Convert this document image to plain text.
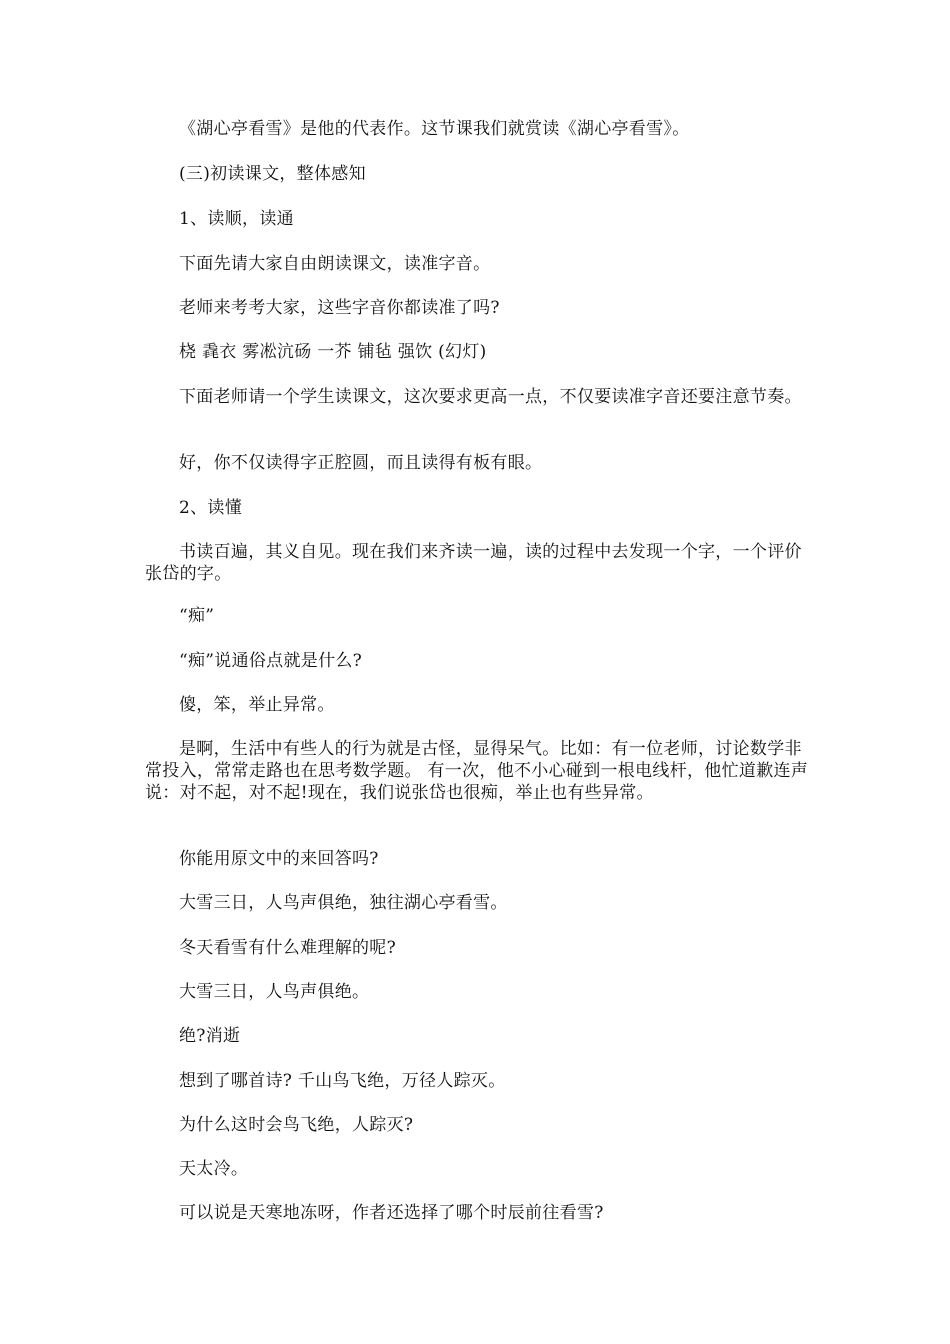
《湖心亭看雪》是他的代表作。这节课我们就赏读《湖心亭看雪》。

(三)初读课文，整体感知

1、读顺，读通

下面先请大家自由朗读课文，读准字音。

老师来考考大家，这些字音你都读准了吗?

桡 毳衣 雾凇沆砀 一芥 铺毡 强饮 (幻灯)

下面老师请一个学生读课文，这次要求更高一点，不仅要读准字音还要注意节奏。

好，你不仅读得字正腔圆，而且读得有板有眼。

2、读懂

书读百遍，其义自见。现在我们来齐读一遍，读的过程中去发现一个字，一个评价张岱的字。

“痴”

“痴”说通俗点就是什么?

傻，笨，举止异常。

是啊，生活中有些人的行为就是古怪，显得呆气。比如：有一位老师，讨论数学非常投入，常常走路也在思考数学题。 有一次，他不小心碰到一根电线杆，他忙道歉连声说：对不起，对不起!现在，我们说张岱也很痴，举止也有些异常。

你能用原文中的来回答吗?

大雪三日，人鸟声俱绝，独往湖心亭看雪。

冬天看雪有什么难理解的呢?

大雪三日，人鸟声俱绝。

绝?消逝

想到了哪首诗? 千山鸟飞绝，万径人踪灭。

为什么这时会鸟飞绝，人踪灭?

天太冷。

可以说是天寒地冻呀，作者还选择了哪个时辰前往看雪?
